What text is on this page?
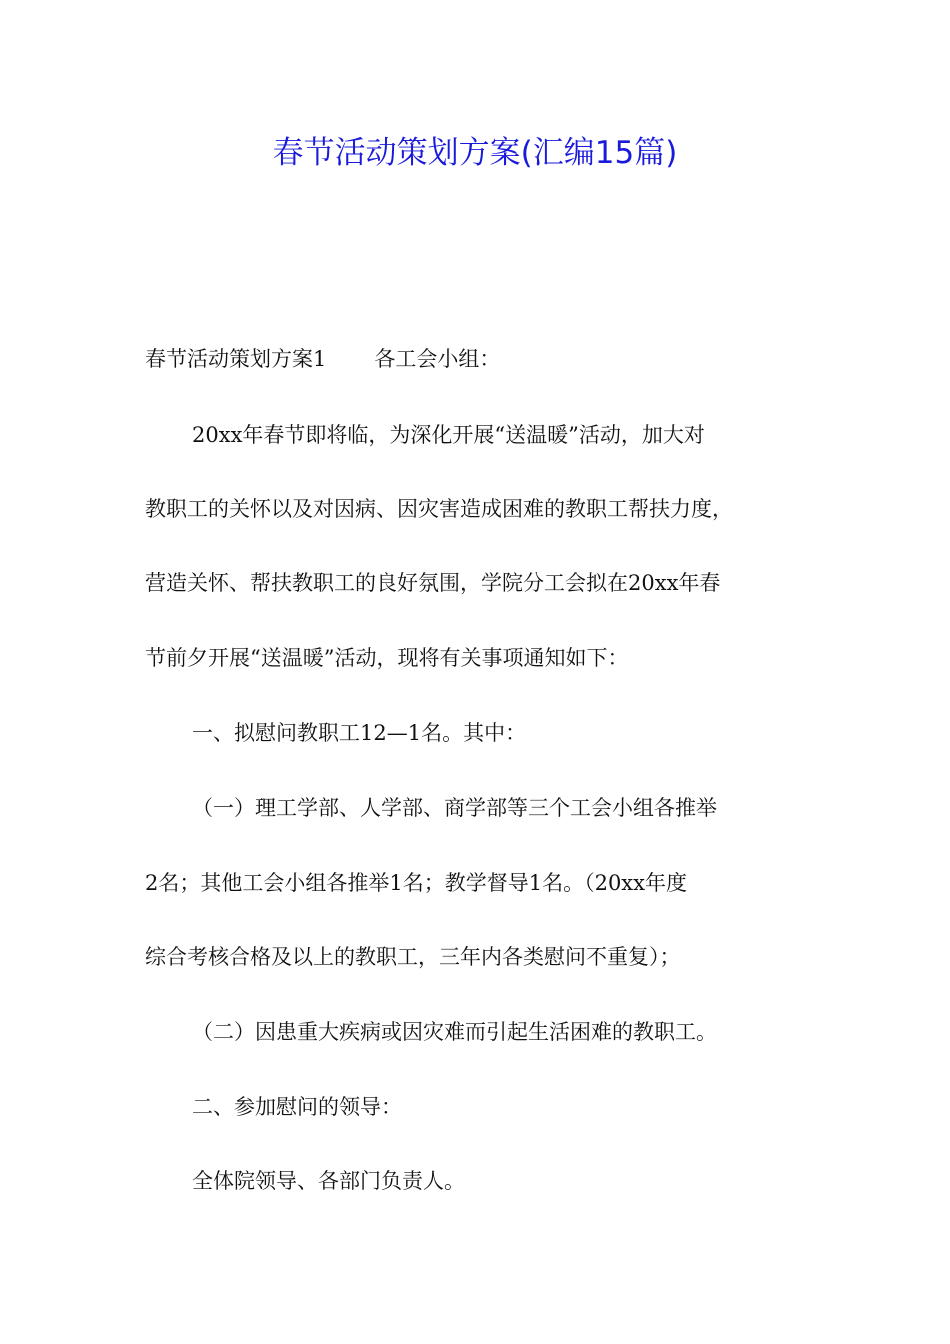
春节活动策划方案(汇编15篇)
春节活动策划方案1 各工会小组：
20xx年春节即将临，为深化开展“送温暖”活动，加大对
教职工的关怀以及对因病、因灾害造成困难的教职工帮扶力度，
营造关怀、帮扶教职工的良好氛围，学院分工会拟在20xx年春
节前夕开展“送温暖”活动，现将有关事项通知如下：
一、拟慰问教职工12—1名。其中：
（一）理工学部、人学部、商学部等三个工会小组各推举
2名；其他工会小组各推举1名；教学督导1名。（20xx年度
综合考核合格及以上的教职工，三年内各类慰问不重复）；
（二）因患重大疾病或因灾难而引起生活困难的教职工。
二、参加慰问的领导：
全体院领导、各部门负责人。
